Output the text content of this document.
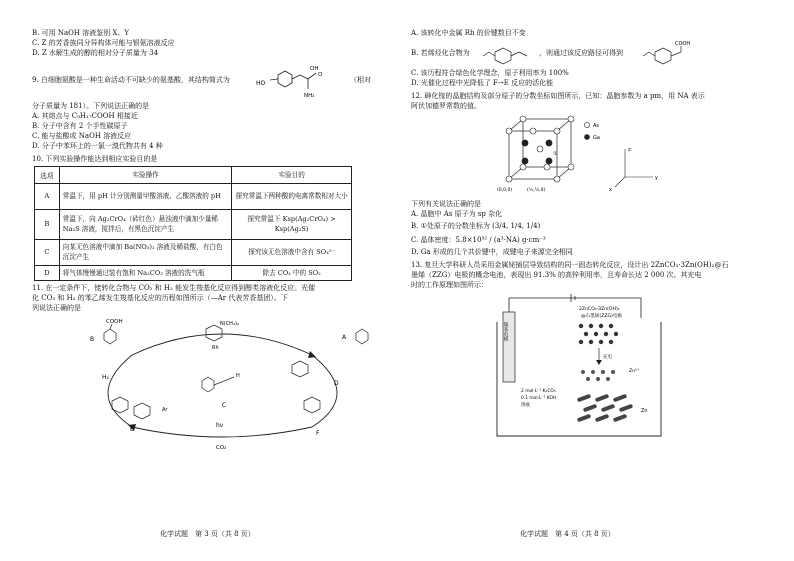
B. 可用 NaOH 溶液鉴别 X、Y
C. Z 的芳香族同分异构体可能与银氨溶液反应
D. Z 水解生成的醇的相对分子质量为 34
9. 白细胞氨酸是一种生命活动不可缺少的氨基酸，其结构简式为	HO
OH
O
NH₂
（相对
分子质量为 181）。下列说法正确的是
A. 其熔点与 C₉H₁₇COOH 相接近
B. 分子中含有 2 个手性碳原子
C. 能与盐酸或 NaOH 溶液反应
D. 分子中苯环上的一氯一溴代物共有 4 种
10. 下列实验操作能达到相应实验目的是
选项	实验操作	实验目的
A	常温下，用 pH 计分别测量甲酸溶液、乙酸溶液的 pH	探究常温下两种酸的电离常数相对大小
B	常温下，向 Ag₂CrO₄（砖红色）悬浊液中滴加少量稀 Na₂S 溶液，搅拌后，有黑色沉淀产生	探究常温下 Ksp(Ag₂CrO₄) > Ksp(Ag₂S)
C	向某无色溶液中滴加 Ba(NO₃)₂ 溶液及稀盐酸，有白色沉淀产生	探究该无色溶液中含有 SO₄²⁻
D	将气体慢慢通过装有饱和 Na₂CO₃ 溶液的洗气瓶	除去 CO₂ 中的 SO₂
11. 在一定条件下，铑转化合物与 CO₂ 和 H₂ 能发生羧基化反应得到醇类溶液化反应。光催
化 CO₂ 和 H₂ 的苯乙烯发生羧基化反应的历程如图所示（—Ar 代表芳香基团）。下
列说法正确的是
COOH
B
N(CH₃)₂
Rh
A
H₂
C
H
D
Ar
E
F
hν
CO₂
化学试题　第 3 页（共 8 页）
A. 该转化中金属 Rh 的价键数目不变
B. 若烯烃化合物为	，则通过该反应路径可得到
COOH
C. 该历程符合绿色化学理念，原子利用率为 100%
D. 光催化过程中光降低了 F→E 反应的活化能
12. 砷化镓的晶胞结构及部分原子的分数坐标如图所示，已知：晶胞参数为 a pm，用 NA 表示
阿伏加德罗常数的值。
①
(0,0,0)	(½,½,0)
As
Ga
z
y
x
下列有关说法正确的是
A. 晶胞中 As 原子为 sp 杂化
B. ①处原子的分数坐标为 (3/4, 1/4, 1/4)
C. 晶体密度：5.8×10³² / (a³·NA) g·cm⁻³
D. Ga 形成的几个共价键中，成键电子来源完全相同
13. 复旦大学科研人员采用金属铋插层导致结构的同一固态转化反应，设计出 2ZnCO₃·3Zn(OH)₂@石
墨烯（ZZG）电极的概念电池，表现出 91.3% 的高锌利用率，且寿命长达 2 000 次。其充电
时的工作原理如图所示：
镍基电极
2ZnCO₃·3Zn(OH)₂
@石墨烯(ZZG)电极
充电
Zn²⁺
2 mol·L⁻¹ K₂CO₃
0.1 mol·L⁻¹ KOH
溶液
Zn
化学试题　第 4 页（共 8 页）
